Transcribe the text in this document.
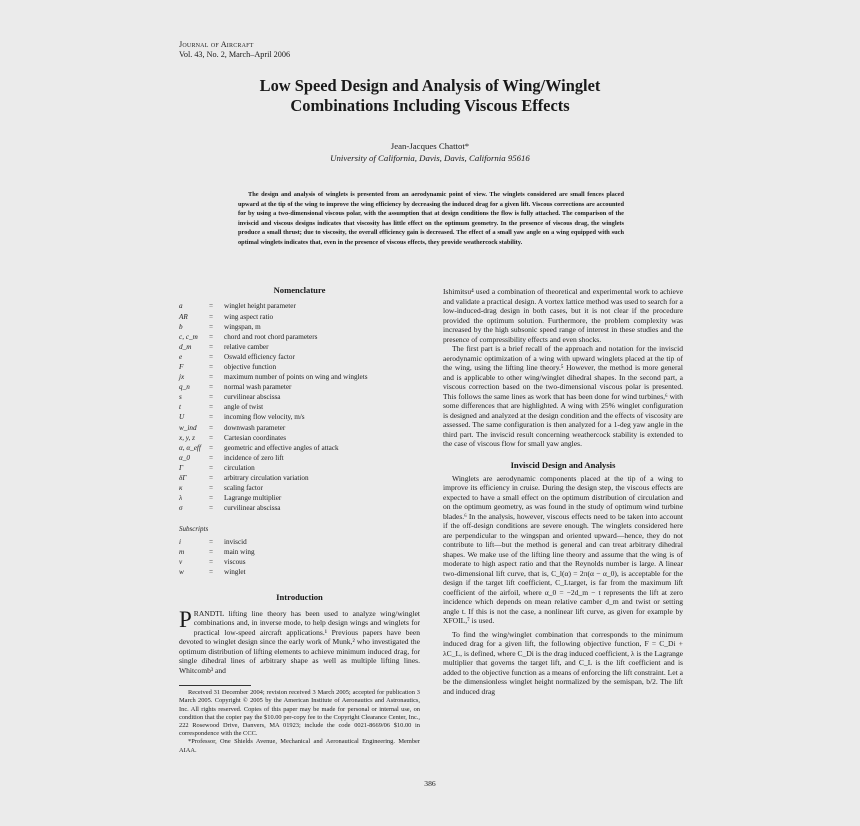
Journal of Aircraft
Vol. 43, No. 2, March–April 2006
Low Speed Design and Analysis of Wing/Winglet
Combinations Including Viscous Effects
Jean-Jacques Chattot*
University of California, Davis, Davis, California 95616

The design and analysis of winglets is presented from an aerodynamic point of view. The winglets considered are small fences placed upward at the tip of the wing to improve the wing efficiency by decreasing the induced drag for a given lift. Viscous corrections are accounted for by using a two-dimensional viscous polar, with the assumption that at design conditions the flow is fully attached. The comparison of the inviscid and viscous designs indicates that viscosity has little effect on the optimum geometry. In the presence of viscous drag, the winglets produce a small thrust; due to viscosity, the overall efficiency gain is decreased. The effect of a small yaw angle on a wing equipped with such optimal winglets indicates that, even in the presence of viscous effects, they provide weathercock stability.

Nomenclature
a	=	winglet height parameter
AR	=	wing aspect ratio
b	=	wingspan, m
c, c_m	=	chord and root chord parameters
d_m	=	relative camber
e	=	Oswald efficiency factor
F	=	objective function
jx	=	maximum number of points on wing and winglets
q_n	=	normal wash parameter
s	=	curvilinear abscissa
t	=	angle of twist
U	=	incoming flow velocity, m/s
w_ind	=	downwash parameter
x, y, z	=	Cartesian coordinates
α, α_eff	=	geometric and effective angles of attack
α_0	=	incidence of zero lift
Γ	=	circulation
δΓ	=	arbitrary circulation variation
κ	=	scaling factor
λ	=	Lagrange multiplier
σ	=	curvilinear abscissa
Subscripts
i	=	inviscid
m	=	main wing
v	=	viscous
w	=	winglet
Introduction

PRANDTL lifting line theory has been used to analyze wing/winglet combinations and, in inverse mode, to help design wings and winglets for practical low-speed aircraft applications.¹ Previous papers have been devoted to winglet design since the early work of Munk,² who investigated the optimum distribution of lifting elements to achieve minimum induced drag, for single dihedral lines of arbitrary shape as well as multiple lifting lines. Whitcomb³ and

Received 31 December 2004; revision received 3 March 2005; accepted for publication 3 March 2005. Copyright © 2005 by the American Institute of Aeronautics and Astronautics, Inc. All rights reserved. Copies of this paper may be made for personal or internal use, on condition that the copier pay the $10.00 per-copy fee to the Copyright Clearance Center, Inc., 222 Rosewood Drive, Danvers, MA 01923; include the code 0021-8669/06 $10.00 in correspondence with the CCC.

*Professor, One Shields Avenue, Mechanical and Aeronautical Engineering. Member AIAA.

Ishimitsu⁴ used a combination of theoretical and experimental work to achieve and validate a practical design. A vortex lattice method was used to search for a low-induced-drag design in both cases, but it is not clear if the procedure provided the optimum solution. Furthermore, the problem complexity was increased by the high subsonic speed range of interest in these studies and the presence of compressibility effects and even shocks.

The first part is a brief recall of the approach and notation for the inviscid aerodynamic optimization of a wing with upward winglets placed at the tip of the wing, using the lifting line theory.⁵ However, the method is more general and is applicable to other wing/winglet dihedral shapes. In the second part, a viscous correction based on the two-dimensional viscous polar is presented. This follows the same lines as work that has been done for wind turbines,⁶ with some differences that are highlighted. A wing with 25% winglet configuration is designed and analyzed at the design condition and the effects of viscosity are assessed. The same configuration is then analyzed for a 1-deg yaw angle in the third part. The inviscid result concerning weathercock stability is extended to the case of viscous flow for small yaw angles.

Inviscid Design and Analysis

Winglets are aerodynamic components placed at the tip of a wing to improve its efficiency in cruise. During the design step, the viscous effects are expected to have a small effect on the optimum distribution of circulation and on the optimum geometry, as was found in the study of optimum wind turbine blades.⁶ In the analysis, however, viscous effects need to be taken into account if the off-design conditions are severe enough. The winglets considered here are perpendicular to the wingspan and oriented upward—hence, they do not contribute to lift—but the method is general and can treat arbitrary dihedral shapes. We make use of the lifting line theory and assume that the wing is of moderate to high aspect ratio and that the Reynolds number is large. A linear two-dimensional lift curve, that is, C_l(α) = 2π(α − α_0), is acceptable for the design if the target lift coefficient, C_Ltarget, is far from the maximum lift coefficient of the airfoil, where α_0 = −2d_m − t represents the lift at zero incidence which depends on mean relative camber d_m and twist or setting angle t. If this is not the case, a nonlinear lift curve, as given for example by XFOIL,⁷ is used.

To find the wing/winglet combination that corresponds to the minimum induced drag for a given lift, the following objective function, F = C_Di + λC_L, is defined, where C_Di is the drag induced coefficient, λ is the Lagrange multiplier that governs the target lift, and C_L is the lift coefficient and is added to the objective function as a means of enforcing the lift constraint. Let a be the dimensionless winglet height normalized by the semispan, b/2. The lift and induced drag

386
